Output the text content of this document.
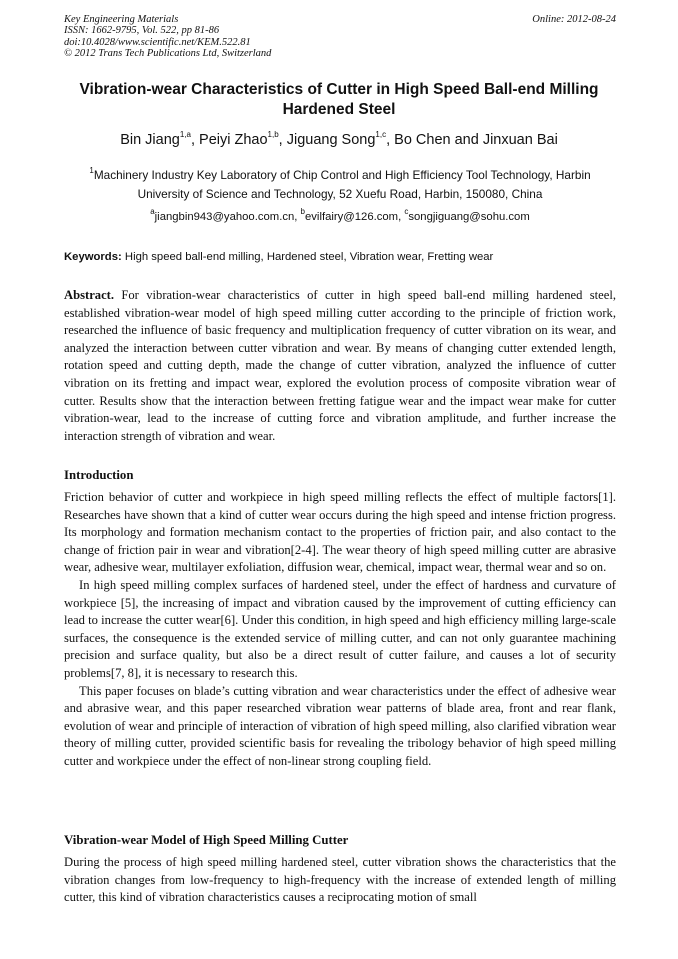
Key Engineering Materials
ISSN: 1662-9795, Vol. 522, pp 81-86
doi:10.4028/www.scientific.net/KEM.522.81
© 2012 Trans Tech Publications Ltd, Switzerland
Online: 2012-08-24
Vibration-wear Characteristics of Cutter in High Speed Ball-end Milling
Hardened Steel
Bin Jiang$^{1,a}$, Peiyi Zhao$^{1,b}$, Jiguang Song$^{1,c}$, Bo Chen and Jinxuan Bai
$^1$Machinery Industry Key Laboratory of Chip Control and High Efficiency Tool Technology, Harbin
University of Science and Technology, 52 Xuefu Road, Harbin, 150080, China
$^a$jiangbin943@yahoo.com.cn, $^b$evilfairy@126.com, $^c$songjiguang@sohu.com
Keywords: High speed ball-end milling, Hardened steel, Vibration wear, Fretting wear

Abstract. For vibration-wear characteristics of cutter in high speed ball-end milling hardened steel, established vibration-wear model of high speed milling cutter according to the principle of friction work, researched the influence of basic frequency and multiplication frequency of cutter vibration on its wear, and analyzed the interaction between cutter vibration and wear. By means of changing cutter extended length, rotation speed and cutting depth, made the change of cutter vibration, analyzed the influence of cutter vibration on its fretting and impact wear, explored the evolution process of composite vibration wear of cutter. Results show that the interaction between fretting fatigue wear and the impact wear make for cutter vibration-wear, lead to the increase of cutting force and vibration amplitude, and further increase the interaction strength of vibration and wear.

Introduction

Friction behavior of cutter and workpiece in high speed milling reflects the effect of multiple factors[1]. Researches have shown that a kind of cutter wear occurs during the high speed and intense friction progress. Its morphology and formation mechanism contact to the properties of friction pair, and also contact to the change of friction pair in wear and vibration[2-4]. The wear theory of high speed milling cutter are abrasive wear, adhesive wear, multilayer exfoliation, diffusion wear, chemical, impact wear, thermal wear and so on.

In high speed milling complex surfaces of hardened steel, under the effect of hardness and curvature of workpiece [5], the increasing of impact and vibration caused by the improvement of cutting efficiency can lead to increase the cutter wear[6]. Under this condition, in high speed and high efficiency milling large-scale surfaces, the consequence is the extended service of milling cutter, and can not only guarantee machining precision and surface quality, but also be a direct result of cutter failure, and causes a lot of security problems[7, 8], it is necessary to research this.

This paper focuses on blade’s cutting vibration and wear characteristics under the effect of adhesive wear and abrasive wear, and this paper researched vibration wear patterns of blade area, front and rear flank, evolution of wear and principle of interaction of vibration of high speed milling, also clarified vibration wear theory of milling cutter, provided scientific basis for revealing the tribology behavior of high speed milling cutter and workpiece under the effect of non-linear strong coupling field.

Vibration-wear Model of High Speed Milling Cutter

During the process of high speed milling hardened steel, cutter vibration shows the characteristics that the vibration changes from low-frequency to high-frequency with the increase of extended length of milling cutter, this kind of vibration characteristics causes a reciprocating motion of small
